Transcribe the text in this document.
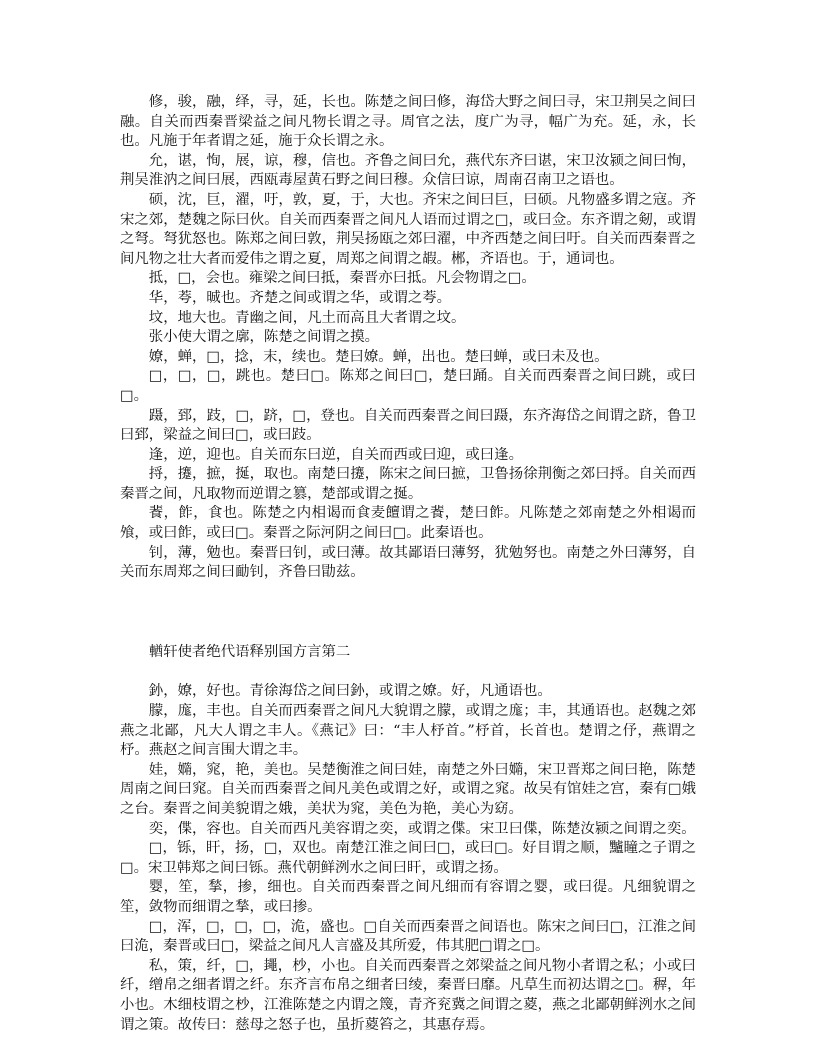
修，骏，融，绎，寻，延，长也。陈楚之间曰修，海岱大野之间曰寻，宋卫荆吴之间曰融。自关而西秦晋梁益之间凡物长谓之寻。周官之法，度广为寻，幅广为充。延，永，长也。凡施于年者谓之延，施于众长谓之永。

允，谌，恂，展，谅，穆，信也。齐鲁之间曰允，燕代东齐曰谌，宋卫汝颍之间曰恂，荆吴淮汭之间曰展，西瓯毒屋黄石野之间曰穆。众信曰谅，周南召南卫之语也。

硕，沈，巨，濯，吁，敦，夏，于，大也。齐宋之间曰巨，曰硕。凡物盛多谓之寇。齐宋之郊，楚魏之际曰伙。自关而西秦晋之间凡人语而过谓之□，或曰佥。东齐谓之剱，或谓之弩。弩犹怒也。陈郑之间曰敦，荆吴扬瓯之郊曰濯，中齐西楚之间曰吁。自关而西秦晋之间凡物之壮大者而爱伟之谓之夏，周郑之间谓之嘏。郴，齐语也。于，通词也。

抵，□，会也。雍梁之间曰抵，秦晋亦曰抵。凡会物谓之□。

华，荂，晠也。齐楚之间或谓之华，或谓之荂。

坟，地大也。青幽之间，凡土而高且大者谓之坟。

张小使大谓之廓，陈楚之间谓之摸。

嫽，蝉，□，捻，末，续也。楚曰嫽。蝉，出也。楚曰蝉，或曰未及也。

□，□，□，跳也。楚曰□。陈郑之间曰□，楚曰踊。自关而西秦晋之间曰跳，或曰□。

蹑，郅，跂，□，跻，□，登也。自关而西秦晋之间曰蹑，东齐海岱之间谓之跻，鲁卫曰郅，梁益之间曰□，或曰跂。

逢，逆，迎也。自关而东曰逆，自关而西或曰迎，或曰逢。

捋，攓，摭，挻，取也。南楚曰攓，陈宋之间曰摭，卫鲁扬徐荆衡之郊曰捋。自关而西秦晋之间，凡取物而逆谓之篡，楚部或谓之挻。

餥，飵，食也。陈楚之内相谒而食麦饘谓之餥，楚曰飵。凡陈楚之郊南楚之外相谒而飧，或曰飵，或曰□。秦晋之际河阴之间曰□。此秦语也。

钊，薄，勉也。秦晋曰钊，或曰薄。故其鄙语曰薄努，犹勉努也。南楚之外曰薄努，自关而东周郑之间曰勔钊，齐鲁曰勖兹。

輶轩使者绝代语释别国方言第二

釥，嫽，好也。青徐海岱之间曰釥，或谓之嫽。好，凡通语也。

朦，庬，丰也。自关而西秦晋之间凡大貌谓之朦，或谓之庬；丰，其通语也。赵魏之郊燕之北鄙，凡大人谓之丰人。《燕记》曰：“丰人杼首。”杼首，长首也。楚谓之伃，燕谓之杼。燕赵之间言围大谓之丰。

娃，嫷，窕，艳，美也。吴楚衡淮之间曰娃，南楚之外曰嫷，宋卫晋郑之间曰艳，陈楚周南之间曰窕。自关而西秦晋之间凡美色或谓之好，或谓之窕。故吴有馆娃之宫，秦有□娥之台。秦晋之间美貌谓之娥，美状为窕，美色为艳，美心为窈。

奕，偞，容也。自关而西凡美容谓之奕，或谓之偞。宋卫曰偞，陈楚汝颍之间谓之奕。

□，铄，盰，扬，□，双也。南楚江淮之间曰□，或曰□。好目谓之顺，黸瞳之子谓之□。宋卫韩郑之间曰铄。燕代朝鲜洌水之间曰盰，或谓之扬。

婴，笙，揫，掺，细也。自关而西秦晋之间凡细而有容谓之婴，或曰徥。凡细貌谓之笙，敛物而细谓之揫，或曰掺。

□，浑，□，□，□，洈，盛也。□自关而西秦晋之间语也。陈宋之间曰□，江淮之间曰洈，秦晋或曰□，梁益之间凡人言盛及其所爱，伟其肥□谓之□。

私，策，纤，□，䵷，杪，小也。自关而西秦晋之郊梁益之间凡物小者谓之私；小或曰纤，缯帛之细者谓之纤。东齐言布帛之细者曰绫，秦晋曰靡。凡草生而初达谓之□。稺，年小也。木细枝谓之杪，江淮陈楚之内谓之篾，青齐兖冀之间谓之葼，燕之北鄙朝鲜洌水之间谓之策。故传曰：慈母之怒子也，虽折葼笞之，其惠存焉。
